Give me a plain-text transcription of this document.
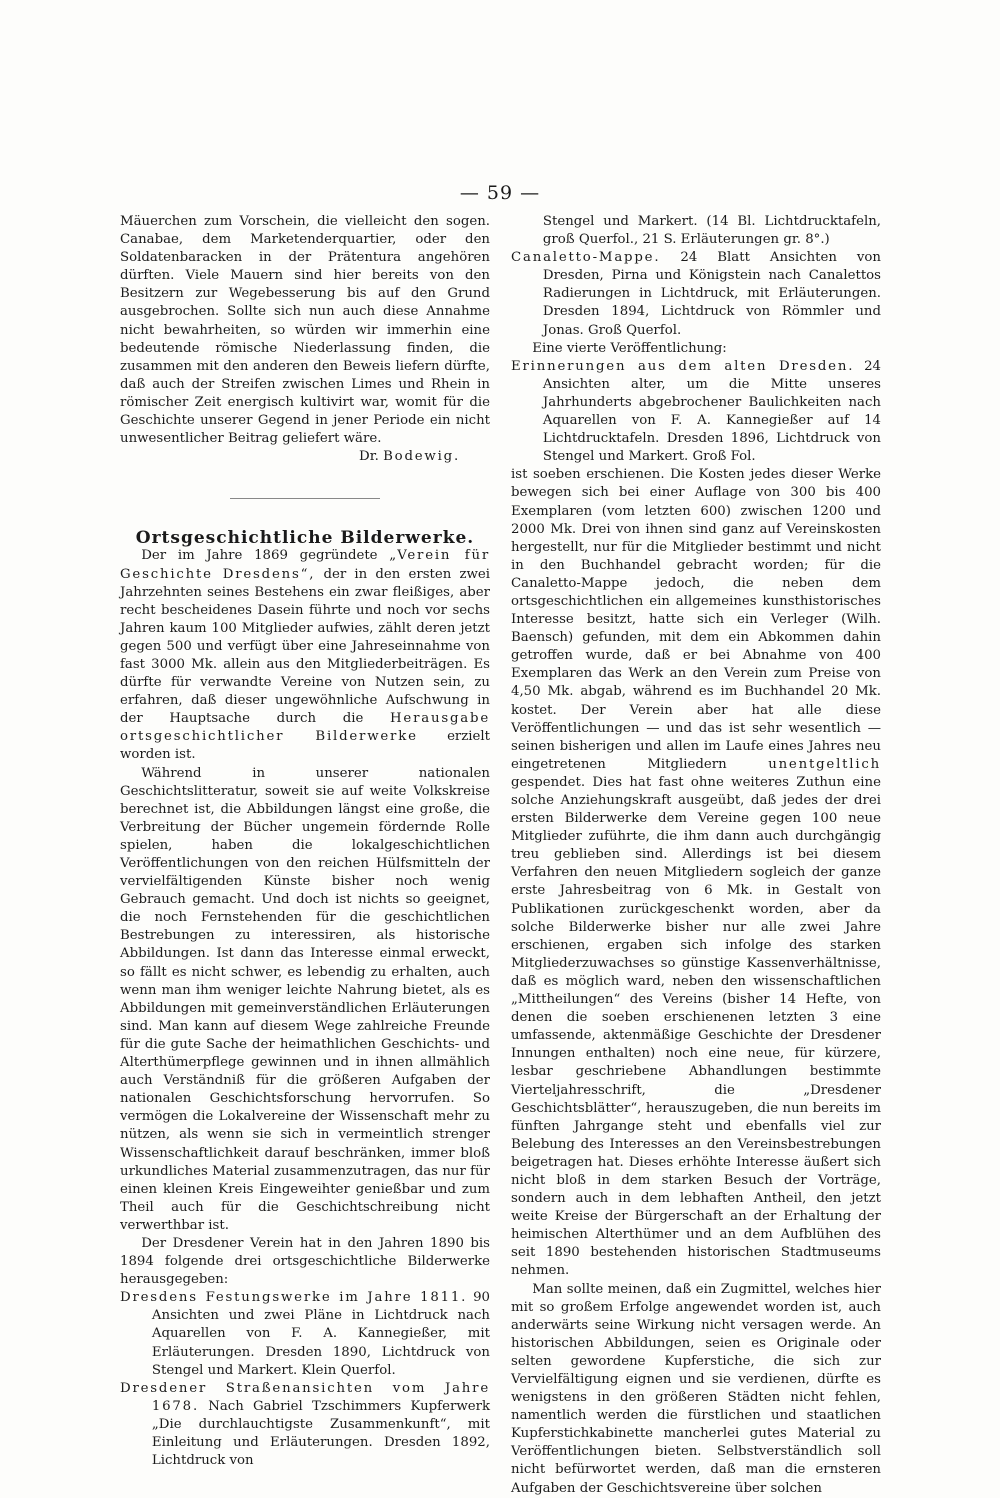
— 59 —

Mäuerchen zum Vorschein, die vielleicht den sogen. Canabae, dem Marketenderquartier, oder den Soldatenbaracken in der Prätentura angehören dürften. Viele Mauern sind hier bereits von den Besitzern zur Wegebesserung bis auf den Grund ausgebrochen. Sollte sich nun auch diese Annahme nicht bewahrheiten, so würden wir immerhin eine bedeutende römische Niederlassung finden, die zusammen mit den anderen den Beweis liefern dürfte, daß auch der Streifen zwischen Limes und Rhein in römischer Zeit energisch kultivirt war, womit für die Geschichte unserer Gegend in jener Periode ein nicht unwesentlicher Beitrag geliefert wäre.

Dr. Bodewig.

Ortsgeschichtliche Bilderwerke.

Der im Jahre 1869 gegründete „Verein für Geschichte Dresdens“, der in den ersten zwei Jahrzehnten seines Bestehens ein zwar fleißiges, aber recht bescheidenes Dasein führte und noch vor sechs Jahren kaum 100 Mitglieder aufwies, zählt deren jetzt gegen 500 und verfügt über eine Jahreseinnahme von fast 3000 Mk. allein aus den Mitgliederbeiträgen. Es dürfte für verwandte Vereine von Nutzen sein, zu erfahren, daß dieser ungewöhnliche Aufschwung in der Hauptsache durch die Herausgabe ortsgeschichtlicher Bilderwerke erzielt worden ist.

Während in unserer nationalen Geschichtslitteratur, soweit sie auf weite Volkskreise berechnet ist, die Abbildungen längst eine große, die Verbreitung der Bücher ungemein fördernde Rolle spielen, haben die lokalgeschichtlichen Veröffentlichungen von den reichen Hülfsmitteln der vervielfältigenden Künste bisher noch wenig Gebrauch gemacht. Und doch ist nichts so geeignet, die noch Fernstehenden für die geschichtlichen Bestrebungen zu interessiren, als historische Abbildungen. Ist dann das Interesse einmal erweckt, so fällt es nicht schwer, es lebendig zu erhalten, auch wenn man ihm weniger leichte Nahrung bietet, als es Abbildungen mit gemeinverständlichen Erläuterungen sind. Man kann auf diesem Wege zahlreiche Freunde für die gute Sache der heimathlichen Geschichts- und Alterthümerpflege gewinnen und in ihnen allmählich auch Verständniß für die größeren Aufgaben der nationalen Geschichtsforschung hervorrufen. So vermögen die Lokalvereine der Wissenschaft mehr zu nützen, als wenn sie sich in vermeintlich strenger Wissenschaftlichkeit darauf beschränken, immer bloß urkundliches Material zusammenzutragen, das nur für einen kleinen Kreis Eingeweihter genießbar und zum Theil auch für die Geschichtschreibung nicht verwerthbar ist.

Der Dresdener Verein hat in den Jahren 1890 bis 1894 folgende drei ortsgeschichtliche Bilderwerke herausgegeben:

Dresdens Festungswerke im Jahre 1811. 90 Ansichten und zwei Pläne in Lichtdruck nach Aquarellen von F. A. Kannegießer, mit Erläuterungen. Dresden 1890, Lichtdruck von Stengel und Markert. Klein Querfol.

Dresdener Straßenansichten vom Jahre 1678. Nach Gabriel Tzschimmers Kupferwerk „Die durchlauchtigste Zusammenkunft“, mit Einleitung und Erläuterungen. Dresden 1892, Lichtdruck von

Stengel und Markert. (14 Bl. Lichtdrucktafeln, groß Querfol., 21 S. Erläuterungen gr. 8°.)

Canaletto-Mappe. 24 Blatt Ansichten von Dresden, Pirna und Königstein nach Canalettos Radierungen in Lichtdruck, mit Erläuterungen. Dresden 1894, Lichtdruck von Römmler und Jonas. Groß Querfol.

Eine vierte Veröffentlichung:

Erinnerungen aus dem alten Dresden. 24 Ansichten alter, um die Mitte unseres Jahrhunderts abgebrochener Baulichkeiten nach Aquarellen von F. A. Kannegießer auf 14 Lichtdrucktafeln. Dresden 1896, Lichtdruck von Stengel und Markert. Groß Fol.

ist soeben erschienen. Die Kosten jedes dieser Werke bewegen sich bei einer Auflage von 300 bis 400 Exemplaren (vom letzten 600) zwischen 1200 und 2000 Mk. Drei von ihnen sind ganz auf Vereinskosten hergestellt, nur für die Mitglieder bestimmt und nicht in den Buchhandel gebracht worden; für die Canaletto-Mappe jedoch, die neben dem ortsgeschichtlichen ein allgemeines kunsthistorisches Interesse besitzt, hatte sich ein Verleger (Wilh. Baensch) gefunden, mit dem ein Abkommen dahin getroffen wurde, daß er bei Abnahme von 400 Exemplaren das Werk an den Verein zum Preise von 4,50 Mk. abgab, während es im Buchhandel 20 Mk. kostet. Der Verein aber hat alle diese Veröffentlichungen — und das ist sehr wesentlich — seinen bisherigen und allen im Laufe eines Jahres neu eingetretenen Mitgliedern	unentgeltlich gespendet. Dies hat fast ohne weiteres Zuthun eine solche Anziehungskraft ausgeübt, daß jedes der drei ersten Bilderwerke dem Vereine gegen 100 neue Mitglieder zuführte, die ihm dann auch durchgängig treu geblieben sind. Allerdings ist bei diesem Verfahren den neuen Mitgliedern sogleich der ganze erste Jahresbeitrag von 6 Mk. in Gestalt von Publikationen zurückgeschenkt worden, aber da solche Bilderwerke bisher nur alle zwei Jahre erschienen, ergaben sich infolge des starken Mitgliederzuwachses so günstige Kassenverhältnisse, daß es möglich ward, neben den wissenschaftlichen „Mittheilungen“ des Vereins (bisher 14 Hefte, von denen die soeben erschienenen letzten 3 eine umfassende, aktenmäßige Geschichte der Dresdener Innungen enthalten) noch eine neue, für kürzere, lesbar geschriebene Abhandlungen bestimmte Vierteljahresschrift, die „Dresdener Geschichtsblätter“, herauszugeben, die nun bereits im fünften Jahrgange steht und ebenfalls viel zur Belebung des Interesses an den Vereinsbestrebungen beigetragen hat. Dieses erhöhte Interesse äußert sich nicht bloß in dem starken Besuch der Vorträge, sondern auch in dem lebhaften Antheil, den jetzt weite Kreise der Bürgerschaft an der Erhaltung der heimischen Alterthümer und an dem Aufblühen des seit 1890 bestehenden historischen Stadtmuseums nehmen.

Man sollte meinen, daß ein Zugmittel, welches hier mit so großem Erfolge angewendet worden ist, auch anderwärts seine Wirkung nicht versagen werde. An historischen Abbildungen, seien es Originale oder selten gewordene Kupferstiche, die sich zur Vervielfältigung eignen und sie verdienen, dürfte es wenigstens in den größeren Städten nicht fehlen, namentlich werden die fürstlichen und staatlichen Kupferstichkabinette mancherlei gutes Material zu Veröffentlichungen bieten. Selbstverständlich soll nicht befürwortet werden, daß man die ernsteren Aufgaben der Geschichtsvereine über solchen
